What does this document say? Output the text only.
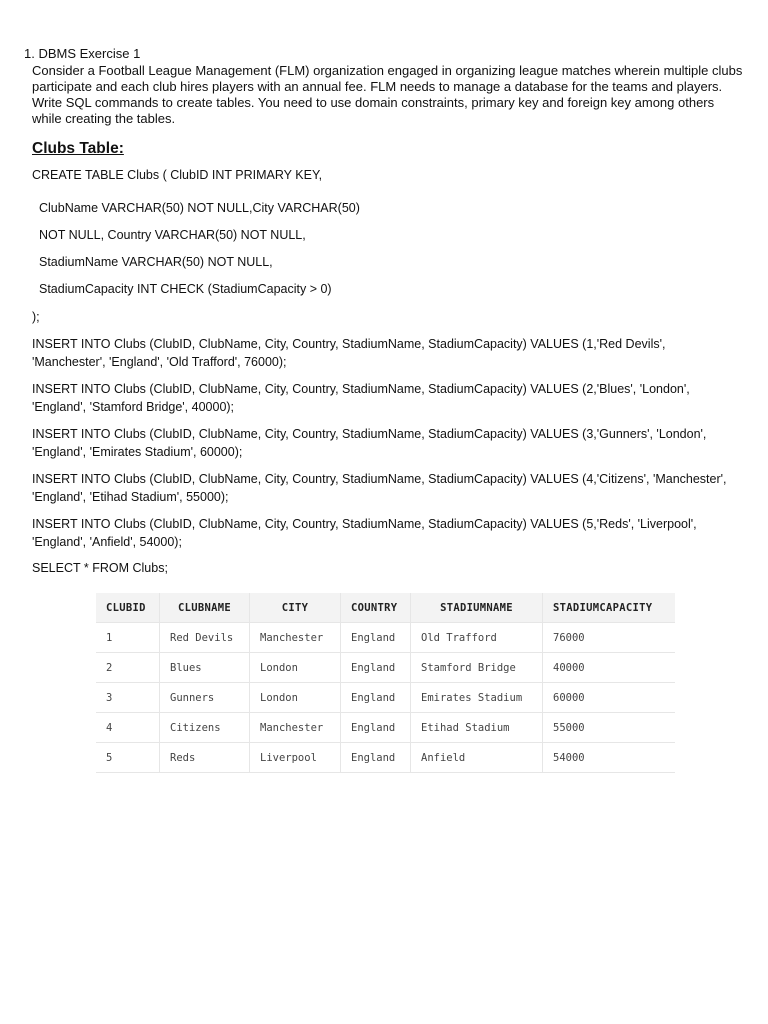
1. DBMS Exercise 1

Consider a Football League Management (FLM) organization engaged in organizing league matches wherein multiple clubs
participate and each club hires players with an annual fee. FLM needs to manage a database for the teams and players.
Write SQL commands to create tables. You need to use domain constraints, primary key and foreign key among others
while creating the tables.

Clubs Table:

CREATE TABLE Clubs ( ClubID INT PRIMARY KEY,

ClubName VARCHAR(50) NOT NULL,City VARCHAR(50)

NOT NULL, Country VARCHAR(50) NOT NULL,

StadiumName VARCHAR(50) NOT NULL,

StadiumCapacity INT CHECK (StadiumCapacity > 0)

);

INSERT INTO Clubs (ClubID, ClubName, City, Country, StadiumName, StadiumCapacity) VALUES (1,'Red Devils',
'Manchester', 'England', 'Old Trafford', 76000);

INSERT INTO Clubs (ClubID, ClubName, City, Country, StadiumName, StadiumCapacity) VALUES (2,'Blues', 'London',
'England', 'Stamford Bridge', 40000);

INSERT INTO Clubs (ClubID, ClubName, City, Country, StadiumName, StadiumCapacity) VALUES (3,'Gunners', 'London',
'England', 'Emirates Stadium', 60000);

INSERT INTO Clubs (ClubID, ClubName, City, Country, StadiumName, StadiumCapacity) VALUES (4,'Citizens', 'Manchester',
'England', 'Etihad Stadium', 55000);

INSERT INTO Clubs (ClubID, ClubName, City, Country, StadiumName, StadiumCapacity) VALUES (5,'Reds', 'Liverpool',
'England', 'Anfield', 54000);

SELECT * FROM Clubs;

CLUBID	CLUBNAME	CITY	COUNTRY	STADIUMNAME	STADIUMCAPACITY
1	Red Devils	Manchester	England	Old Trafford	76000
2	Blues	London	England	Stamford Bridge	40000
3	Gunners	London	England	Emirates Stadium	60000
4	Citizens	Manchester	England	Etihad Stadium	55000
5	Reds	Liverpool	England	Anfield	54000
